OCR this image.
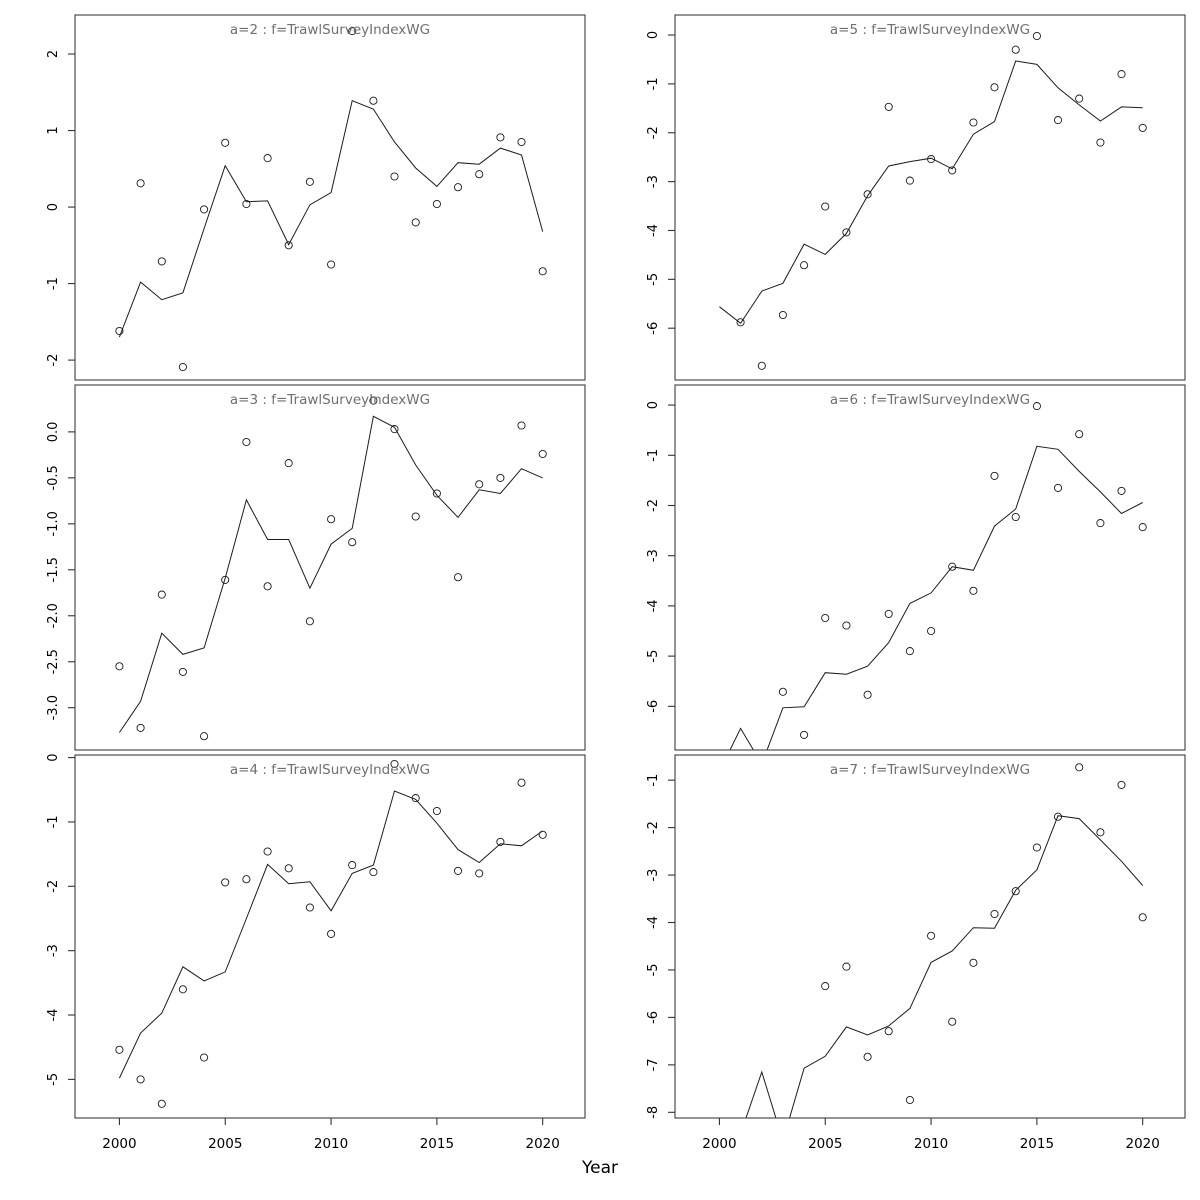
a=2 : f=TrawlSurveyIndexWG
2
1
0
-1
-2
a=5 : f=TrawlSurveyIndexWG
0
-1
-2
-3
-4
-5
-6
a=3 : f=TrawlSurveyIndexWG
0.0
-0.5
-1.0
-1.5
-2.0
-2.5
-3.0
a=6 : f=TrawlSurveyIndexWG
0
-1
-2
-3
-4
-5
-6
a=4 : f=TrawlSurveyIndexWG
0
-1
-2
-3
-4
-5
2000	2005	2010	2015	2020
a=7 : f=TrawlSurveyIndexWG
-1
-2
-3
-4
-5
-6
-7
-8
2000	2005	2010	2015	2020
Year
